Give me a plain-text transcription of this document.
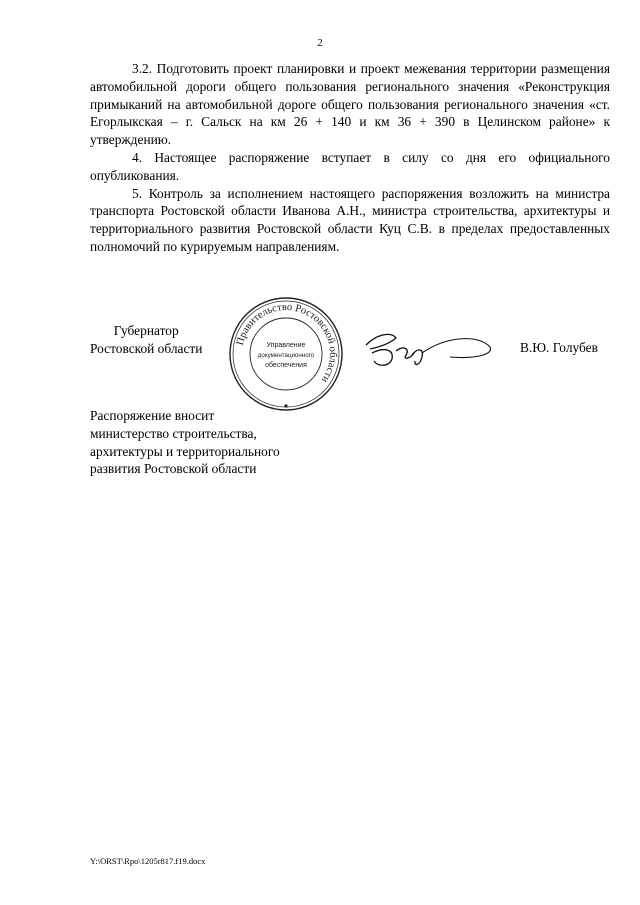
2

3.2. Подготовить проект планировки и проект межевания территории размещения автомобильной дороги общего пользования регионального значения «Реконструкция примыканий на автомобильной дороге общего пользования регионального значения «ст. Егорлыкская – г. Сальск на км 26 + 140 и км 36 + 390 в Целинском районе» к утверждению.

4. Настоящее распоряжение вступает в силу со дня его официального опубликования.

5. Контроль за исполнением настоящего распоряжения возложить на министра транспорта Ростовской области Иванова А.Н., министра строительства, архитектуры и территориального развития Ростовской области Куц С.В. в пределах предоставленных полномочий по курируемым направлениям.

Губернатор
Ростовской области	Правительство Ростовской области
Управление
документационного
обеспечения
В.Ю. Голубев
Распоряжение вносит
министерство строительства,
архитектуры и территориального
развития Ростовской области
Y:\ORST\Rpo\1205r817.f19.docx
